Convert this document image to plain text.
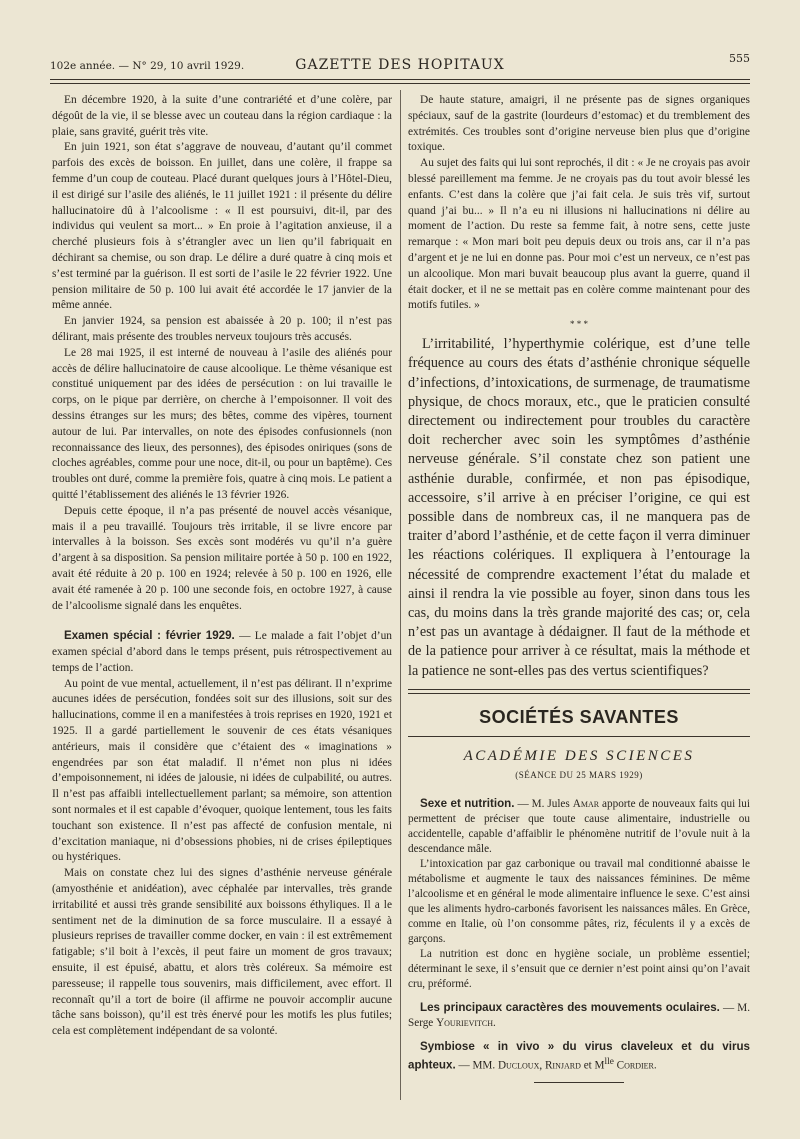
102e année. — N° 29, 10 avril 1929.	GAZETTE DES HOPITAUX	555

En décembre 1920, à la suite d’une contrariété et d’une colère, par dégoût de la vie, il se blesse avec un couteau dans la région cardiaque : la plaie, sans gravité, guérit très vite.

En juin 1921, son état s’aggrave de nouveau, d’autant qu’il commet parfois des excès de boisson. En juillet, dans une colère, il frappe sa femme d’un coup de couteau. Placé durant quelques jours à l’Hôtel-Dieu, il est dirigé sur l’asile des aliénés, le 11 juillet 1921 : il présente du délire hallucinatoire dû à l’alcoolisme : « Il est poursuivi, dit-il, par des individus qui veulent sa mort... » En proie à l’agitation anxieuse, il a cherché plusieurs fois à s’étrangler avec un lien qu’il fabriquait en déchirant sa chemise, ou son drap. Le délire a duré quatre à cinq mois et s’est terminé par la guérison. Il est sorti de l’asile le 22 février 1922. Une pension militaire de 50 p. 100 lui avait été accordée le 17 janvier de la même année.

En janvier 1924, sa pension est abaissée à 20 p. 100; il n’est pas délirant, mais présente des troubles nerveux toujours très accusés.

Le 28 mai 1925, il est interné de nouveau à l’asile des aliénés pour accès de délire hallucinatoire de cause alcoolique. Le thème vésanique est constitué uniquement par des idées de persécution : on lui travaille le corps, on le pique par derrière, on cherche à l’empoisonner. Il voit des dessins étranges sur les murs; des bêtes, comme des vipères, tournent autour de lui. Par intervalles, on note des épisodes confusionnels (non reconnaissance des lieux, des personnes), des épisodes oniriques (sons de cloches agréables, comme pour une noce, dit-il, ou pour un baptême). Ces troubles ont duré, comme la première fois, quatre à cinq mois. Le patient a quitté l’établissement des aliénés le 13 février 1926.

Depuis cette époque, il n’a pas présenté de nouvel accès vésanique, mais il a peu travaillé. Toujours très irritable, il se livre encore par intervalles à la boisson. Ses excès sont modérés vu qu’il n’a guère d’argent à sa disposition. Sa pension militaire portée à 50 p. 100 en 1922, avait été réduite à 20 p. 100 en 1924; relevée à 50 p. 100 en 1926, elle avait été ramenée à 20 p. 100 une seconde fois, en octobre 1927, à cause de l’alcoolisme signalé dans les enquêtes.

Examen spécial : février 1929. — Le malade a fait l’objet d’un examen spécial d’abord dans le temps présent, puis rétrospectivement au temps de l’action.

Au point de vue mental, actuellement, il n’est pas délirant. Il n’exprime aucunes idées de persécution, fondées soit sur des illusions, soit sur des hallucinations, comme il en a manifestées à trois reprises en 1920, 1921 et 1925. Il a gardé partiellement le souvenir de ces états vésaniques antérieurs, mais il considère que c’étaient des « imaginations » engendrées par son état maladif. Il n’émet non plus ni idées d’empoisonnement, ni idées de jalousie, ni idées de culpabilité, ou autres. Il n’est pas affaibli intellectuellement parlant; sa mémoire, son attention sont normales et il est capable d’évoquer, quoique lentement, tous les faits touchant son existence. Il n’est pas affecté de confusion mentale, ni d’excitation maniaque, ni d’obsessions phobies, ni de crises épileptiques ou hystériques.

Mais on constate chez lui des signes d’asthénie nerveuse générale (amyosthénie et anidéation), avec céphalée par intervalles, très grande irritabilité et aussi très grande sensibilité aux boissons éthyliques. Il a le sentiment net de la diminution de sa force musculaire. Il a essayé à plusieurs reprises de travailler comme docker, en vain : il est extrêmement fatigable; s’il boit à l’excès, il peut faire un moment de gros travaux; ensuite, il est épuisé, abattu, et alors très coléreux. Sa mémoire est paresseuse; il rappelle tous souvenirs, mais difficilement, avec effort. Il reconnaît qu’il a tort de boire (il affirme ne pouvoir accomplir aucune tâche sans boisson), qu’il est très énervé pour les motifs les plus futiles; cela est complètement indépendant de sa volonté.

De haute stature, amaigri, il ne présente pas de signes organiques spéciaux, sauf de la gastrite (lourdeurs d’estomac) et du tremblement des extrémités. Ces troubles sont d’origine nerveuse bien plus que d’origine toxique.

Au sujet des faits qui lui sont reprochés, il dit : « Je ne croyais pas avoir blessé pareillement ma femme. Je ne croyais pas du tout avoir blessé les enfants. C’est dans la colère que j’ai fait cela. Je suis très vif, surtout quand j’ai bu... » Il n’a eu ni illusions ni hallucinations ni délire au moment de l’action. Du reste sa femme fait, à notre sens, cette juste remarque : « Mon mari boit peu depuis deux ou trois ans, car il n’a pas d’argent et je ne lui en donne pas. Pour moi c’est un nerveux, ce n’est pas un alcoolique. Mon mari buvait beaucoup plus avant la guerre, quand il était docker, et il ne se mettait pas en colère comme maintenant pour des motifs futiles. »

* * *

L’irritabilité, l’hyperthymie colérique, est d’une telle fréquence au cours des états d’asthénie chronique séquelle d’infections, d’intoxications, de surmenage, de traumatisme physique, de chocs moraux, etc., que le praticien consulté directement ou indirectement pour troubles du caractère doit rechercher avec soin les symptômes d’asthénie nerveuse générale. S’il constate chez son patient une asthénie durable, confirmée, et non pas épisodique, accessoire, s’il arrive à en préciser l’origine, ce qui est possible dans de nombreux cas, il ne manquera pas de traiter d’abord l’asthénie, et de cette façon il verra diminuer les réactions colériques. Il expliquera à l’entourage la nécessité de comprendre exactement l’état du malade et ainsi il rendra la vie possible au foyer, sinon dans tous les cas, du moins dans la très grande majorité des cas; or, cela n’est pas un avantage à dédaigner. Il faut de la méthode et de la patience pour arriver à ce résultat, mais la méthode et la patience ne sont-elles pas des vertus scientifiques?

SOCIÉTÉS SAVANTES
ACADÉMIE DES SCIENCES
(SÉANCE DU 25 MARS 1929)

Sexe et nutrition. — M. Jules Amar apporte de nouveaux faits qui lui permettent de préciser que toute cause alimentaire, industrielle ou accidentelle, capable d’affaiblir le phénomène nutritif de l’ovule nuit à la descendance mâle.

L’intoxication par gaz carbonique ou travail mal conditionné abaisse le métabolisme et augmente le taux des naissances féminines. De même l’alcoolisme et en général le mode alimentaire influence le sexe. C’est ainsi que les aliments hydro-carbonés favorisent les naissances mâles. En Grèce, comme en Italie, où l’on consomme pâtes, riz, féculents il y a excès de garçons.

La nutrition est donc en hygiène sociale, un problème essentiel; déterminant le sexe, il s’ensuit que ce dernier n’est point ainsi qu’on l’avait cru, préformé.

Les principaux caractères des mouvements oculaires. — M. Serge Yourievitch.

Symbiose « in vivo » du virus claveleux et du virus aphteux. — MM. Ducloux, Rinjard et $M^{lle}$ Cordier.
